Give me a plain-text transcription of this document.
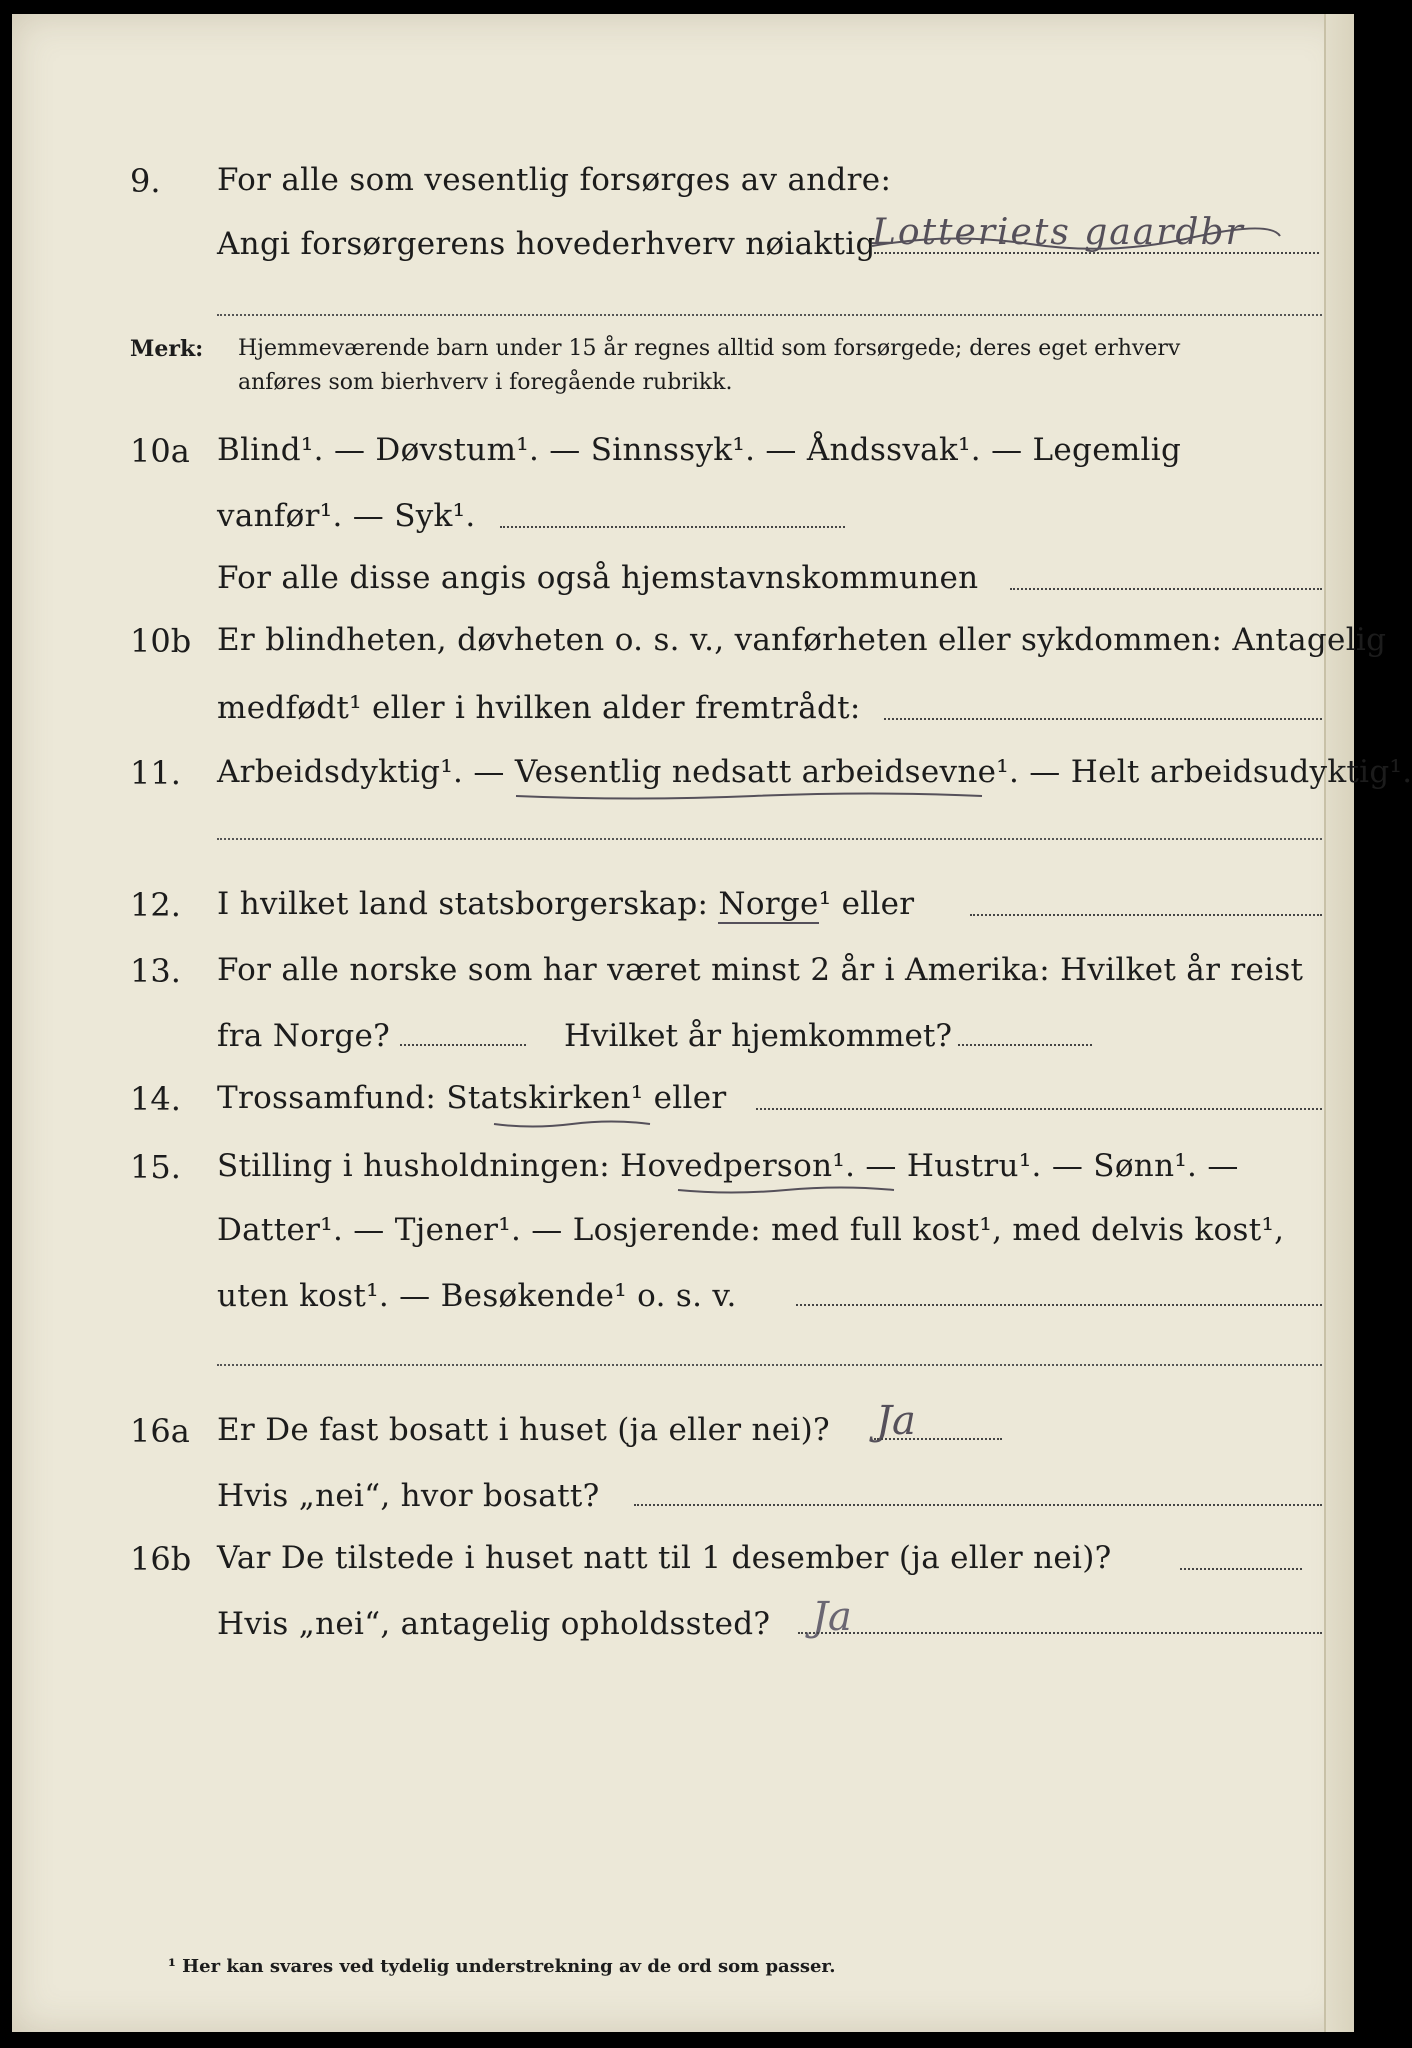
9. For alle som vesentlig forsørges av andre:
Angi forsørgerens hovederhverv nøiaktig
Lotteriets gaardbr
Merk: Hjemmeværende barn under 15 år regnes alltid som forsørgede; deres eget erhverv
anføres som bierhverv i foregående rubrikk.
10a Blind¹. — Døvstum¹. — Sinnssyk¹. — Åndssvak¹. — Legemlig
vanfør¹. — Syk¹.
For alle disse angis også hjemstavnskommunen
10b Er blindheten, døvheten o. s. v., vanførheten eller sykdommen: Antagelig
medfødt¹ eller i hvilken alder fremtrådt:
11. Arbeidsdyktig¹. — Vesentlig nedsatt arbeidsevne¹. — Helt arbeidsudyktig¹.
12. I hvilket land statsborgerskap: Norge¹ eller
13. For alle norske som har været minst 2 år i Amerika: Hvilket år reist
fra Norge?	Hvilket år hjemkommet?
14. Trossamfund: Statskirken¹ eller
15. Stilling i husholdningen: Hovedperson¹. — Hustru¹. — Sønn¹. —
Datter¹. — Tjener¹. — Losjerende: med full kost¹, med delvis kost¹,
uten kost¹. — Besøkende¹ o. s. v.
16a Er De fast bosatt i huset (ja eller nei)? Ja
Hvis „nei“, hvor bosatt?
16b Var De tilstede i huset natt til 1 desember (ja eller nei)?
Hvis „nei“, antagelig opholdssted? Ja
¹ Her kan svares ved tydelig understrekning av de ord som passer.
